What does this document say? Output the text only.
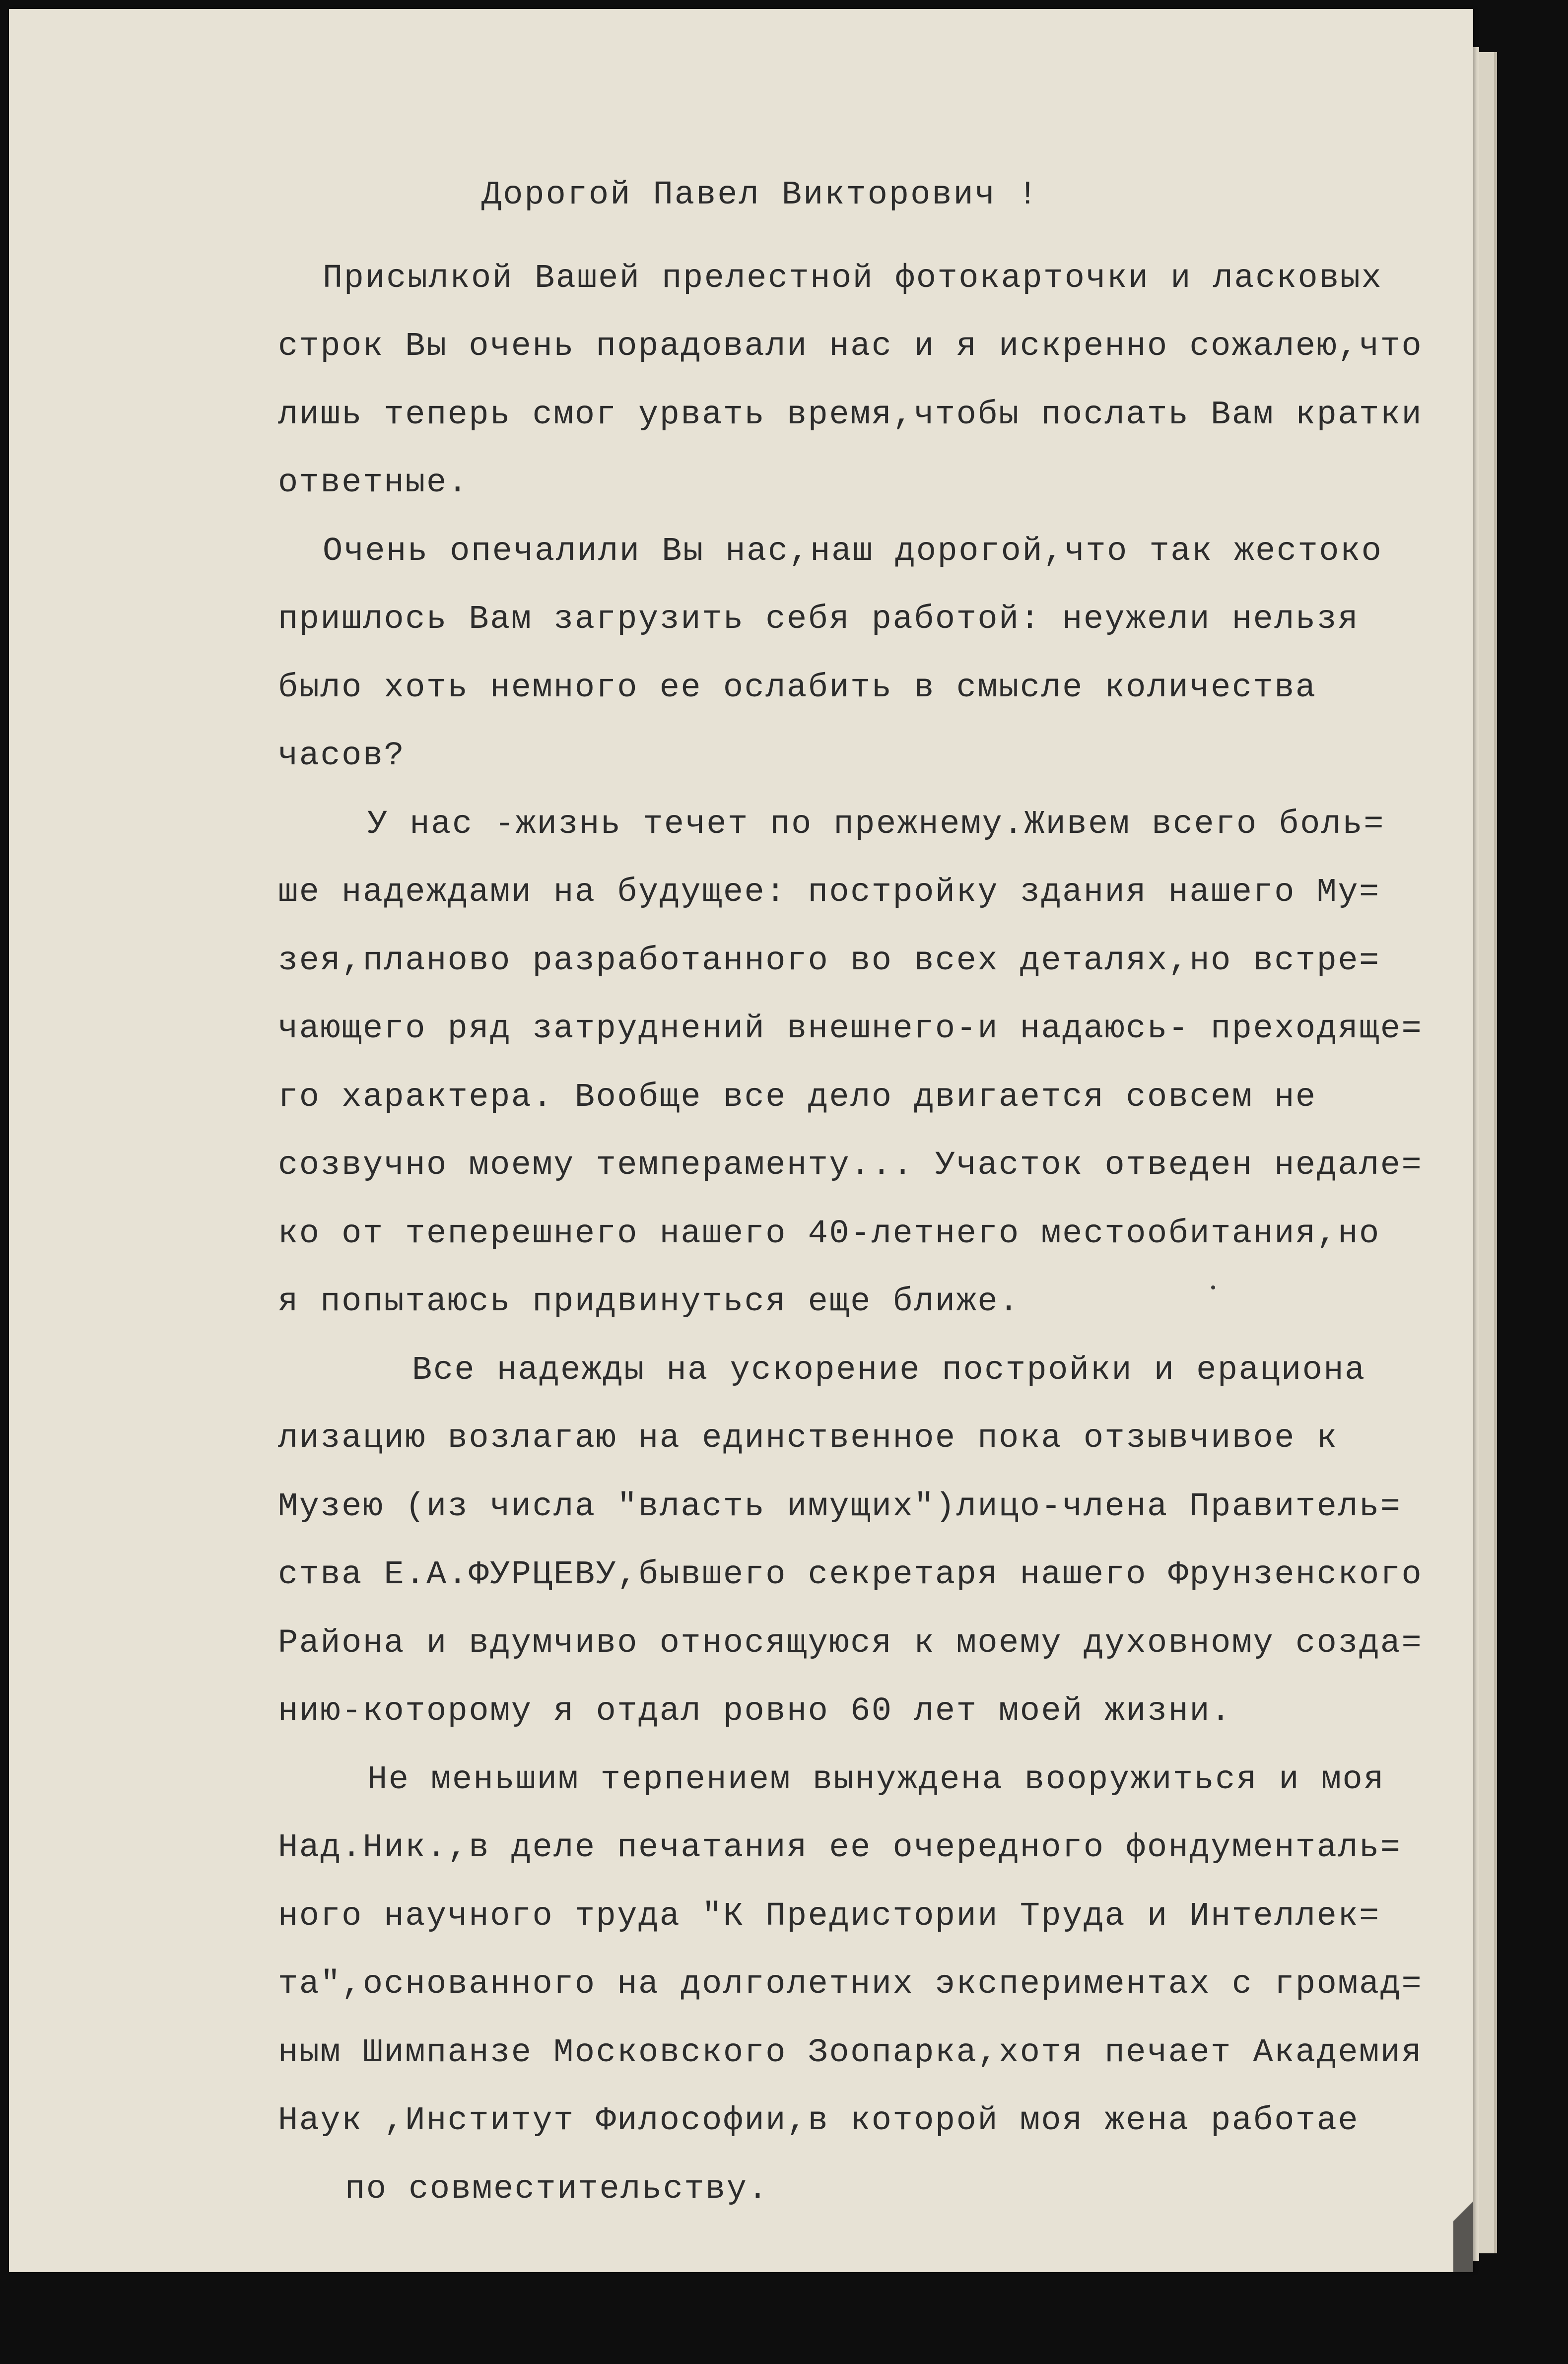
Дорогой Павел Викторович !
Присылкой Вашей прелестной фотокарточки и ласковых
строк Вы очень порадовали нас и я искренно сожалею,что
лишь теперь смог урвать время,чтобы послать Вам кратки
ответные.
Очень опечалили Вы нас,наш дорогой,что так жестоко
пришлось Вам загрузить себя работой: неужели нельзя
было хоть немного ее ослабить в смысле количества
часов?
У нас -жизнь течет по прежнему.Живем всего боль=
ше надеждами на будущее: постройку здания нашего Му=
зея,планово разработанного во всех деталях,но встре=
чающего ряд затруднений внешнего-и надаюсь- преходяще=
го характера. Вообще все дело двигается совсем не
созвучно моему темпераменту... Участок отведен недале=
ко от теперешнего нашего 40-летнего местообитания,но
я попытаюсь придвинуться еще ближе.
Все надежды на ускорение постройки и ерациона
лизацию возлагаю на единственное пока отзывчивое к
Музею (из числа "власть имущих")лицо-члена Правитель=
ства Е.А.ФУРЦЕВУ,бывшего секретаря нашего Фрунзенского
Района и вдумчиво относящуюся к моему духовному созда=
нию-которому я отдал ровно 60 лет моей жизни.
Не меньшим терпением вынуждена вооружиться и моя
Над.Ник.,в деле печатания ее очередного фондументаль=
ного научного труда "К Предистории Труда и Интеллек=
та",основанного на долголетних экспериментах с громад=
ным Шимпанзе Московского Зоопарка,хотя печает Академия
Наук ,Институт Философии,в которой моя жена работае
по совместительству.
